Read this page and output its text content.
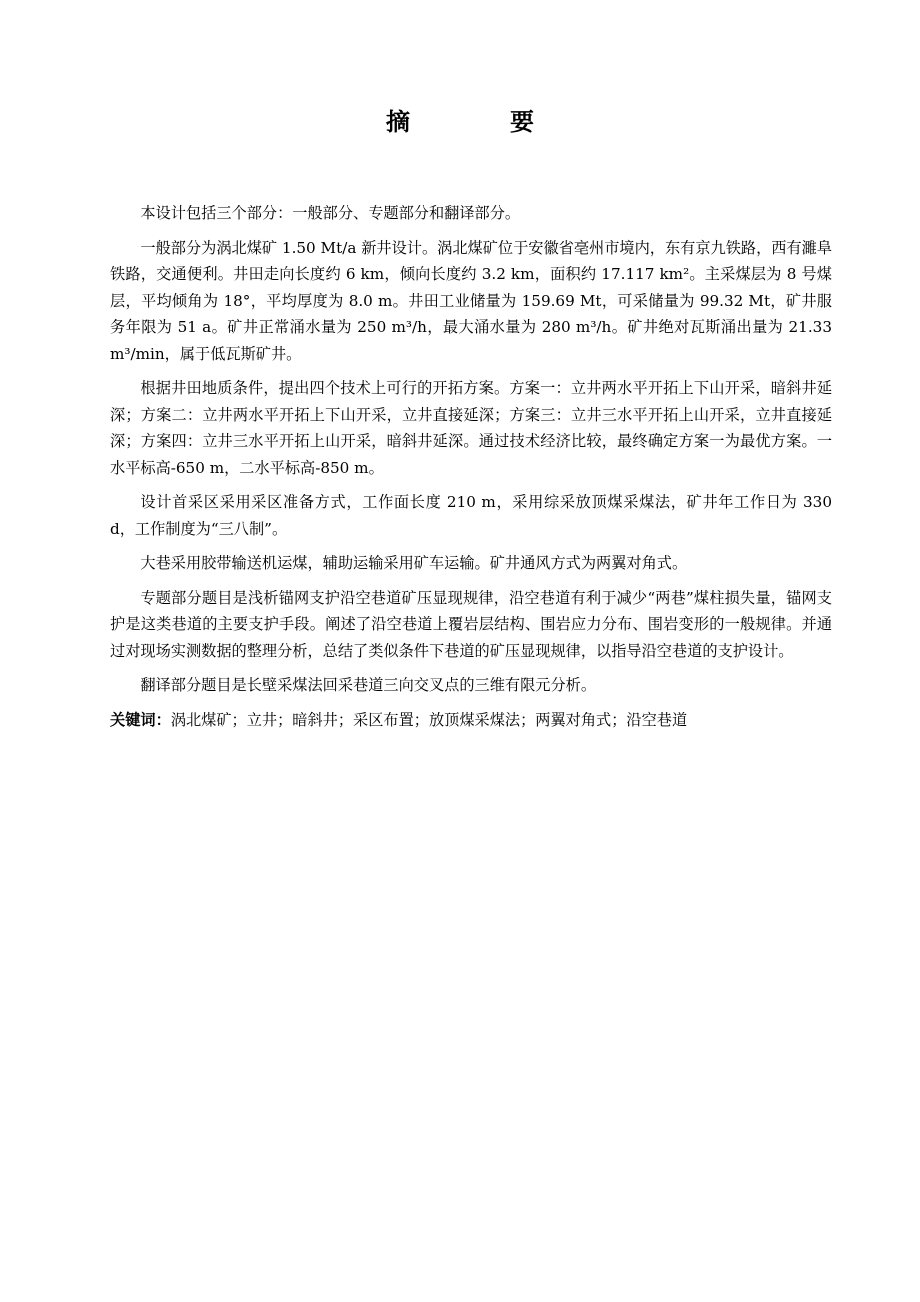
摘　要

本设计包括三个部分：一般部分、专题部分和翻译部分。

一般部分为涡北煤矿 1.50 Mt/a 新井设计。涡北煤矿位于安徽省亳州市境内，东有京九铁路，西有濉阜铁路，交通便利。井田走向长度约 6 km，倾向长度约 3.2 km，面积约 17.117 km²。主采煤层为 8 号煤层，平均倾角为 18°，平均厚度为 8.0 m。井田工业储量为 159.69 Mt，可采储量为 99.32 Mt，矿井服务年限为 51 a。矿井正常涌水量为 250 m³/h，最大涌水量为 280 m³/h。矿井绝对瓦斯涌出量为 21.33 m³/min，属于低瓦斯矿井。

根据井田地质条件，提出四个技术上可行的开拓方案。方案一：立井两水平开拓上下山开采，暗斜井延深；方案二：立井两水平开拓上下山开采，立井直接延深；方案三：立井三水平开拓上山开采，立井直接延深；方案四：立井三水平开拓上山开采，暗斜井延深。通过技术经济比较，最终确定方案一为最优方案。一水平标高-650 m，二水平标高-850 m。

设计首采区采用采区准备方式，工作面长度 210 m，采用综采放顶煤采煤法，矿井年工作日为 330 d，工作制度为“三八制”。

大巷采用胶带输送机运煤，辅助运输采用矿车运输。矿井通风方式为两翼对角式。

专题部分题目是浅析锚网支护沿空巷道矿压显现规律，沿空巷道有利于减少“两巷”煤柱损失量，锚网支护是这类巷道的主要支护手段。阐述了沿空巷道上覆岩层结构、围岩应力分布、围岩变形的一般规律。并通过对现场实测数据的整理分析，总结了类似条件下巷道的矿压显现规律，以指导沿空巷道的支护设计。

翻译部分题目是长壁采煤法回采巷道三向交叉点的三维有限元分析。

关键词：涡北煤矿；立井；暗斜井；采区布置；放顶煤采煤法；两翼对角式；沿空巷道
